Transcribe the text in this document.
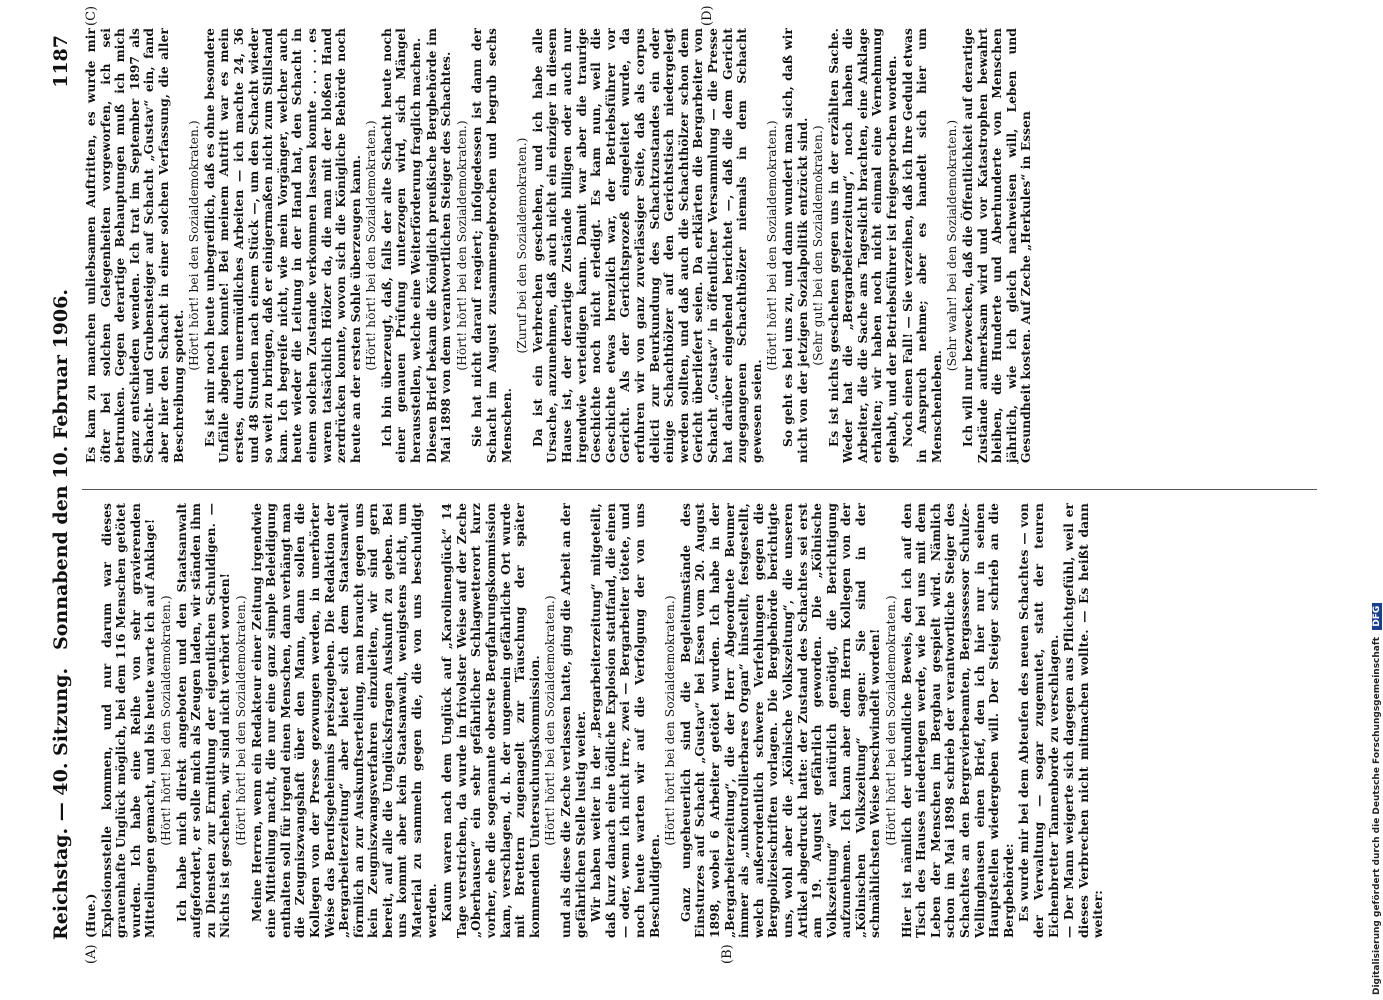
Reichstag. — 40. Sitzung.
Sonnabend den 10. Februar 1906.
1187
(A)	(B)
(C)	(D)

(Hue.) Explosionsstelle kommen, und nur darum war dieses grauenhafte Unglück möglich, bei dem 116 Menschen getötet wurden. Ich habe eine Reihe von sehr gravierenden Mitteilungen gemacht, und bis heute warte ich auf Anklage! (Hört! hört! bei den Sozialdemokraten.) Ich habe mich direkt angeboten und den Staatsanwalt aufgefordert, er solle mich als Zeugen laden, wir ständen ihm zu Diensten zur Ermittlung der eigentlichen Schuldigen. — Nichts ist geschehen, wir sind nicht verhört worden! (Hört! hört! bei den Sozialdemokraten.) Meine Herren, wenn ein Redakteur einer Zeitung irgendwie eine Mitteilung macht, die nur eine ganz simple Beleidigung enthalten soll für irgend einen Menschen, dann verhängt man die Zeugniszwangshaft über den Mann, dann sollen die Kollegen von der Presse gezwungen werden, in unerhörter Weise das Berufsgeheimnis preiszugeben. Die Redaktion der „Bergarbeiterzeitung“ aber bietet sich dem Staatsanwalt förmlich an zur Auskunftserteilung, man braucht gegen uns kein Zeugniszwangsverfahren einzuleiten, wir sind gern bereit, auf alle die Unglücksfragen Auskunft zu geben. Bei uns kommt aber kein Staatsanwalt, wenigstens nicht, um Material zu sammeln gegen die, die von uns beschuldigt werden. Kaum waren nach dem Unglück auf „Karolinenglück“ 14 Tage verstrichen, da wurde in frivolster Weise auf der Zeche „Oberhausen“ ein sehr gefährlicher Schlagwetterort kurz vorher, ehe die sogenannte oberste Bergfahrungskommission kam, verschlagen, d. h. der ungemein gefährliche Ort wurde mit Brettern zugenagelt zur Täuschung der später kommenden Untersuchungskommission. (Hört! hört! bei den Sozialdemokraten.) und als diese die Zeche verlassen hatte, ging die Arbeit an der gefährlichen Stelle lustig weiter. Wir haben weiter in der „Bergarbeiterzeitung“ mitgeteilt, daß kurz danach eine tödliche Explosion stattfand, die einen — oder, wenn ich nicht irre, zwei — Bergarbeiter tötete, und noch heute warten wir auf die Verfolgung der von uns Beschuldigten.

(Hört! hört! bei den Sozialdemokraten.) Ganz ungeheuerlich sind die Begleitumstände des Einsturzes auf Schacht „Gustav“ bei Essen vom 20. August 1898, wobei 6 Arbeiter getötet wurden. Ich habe in der „Bergarbeiterzeitung“, die der Herr Abgeordnete Beumer immer als „unkontrollierbares Organ“ hinstellt, festgestellt, welch außerordentlich schwere Verfehlungen gegen die Bergpolizeischriften vorlagen. Die Bergbehörde berichtigte uns, wohl aber die „Kölnische Volkszeitung“, die unseren Artikel abgedruckt hatte: der Zustand des Schachtes sei erst am 19. August gefährlich geworden. Die „Kölnische Volkszeitung“ war natürlich genötigt, die Berichtigung aufzunehmen. Ich kann aber dem Herrn Kollegen von der „Kölnischen Volkszeitung“ sagen: Sie sind in der schmählichsten Weise beschwindelt worden! (Hört! hört! bei den Sozialdemokraten.) Hier ist nämlich der urkundliche Beweis, den ich auf den Tisch des Hauses niederlegen werde, wie bei uns mit dem Leben der Menschen im Bergbau gespielt wird. Nämlich schon im Mai 1898 schrieb der verantwortliche Steiger des Schachtes an den Bergrevierbeamten, Bergassessor Schulze-Vellinghausen einen Brief, den ich hier nur in seinen Hauptstellen wiedergeben will. Der Steiger schrieb an die Bergbehörde: Es wurde mir bei dem Abteufen des neuen Schachtes — von der Verwaltung — sogar zugemutet, statt der teuren Eichenbretter Tannenborde zu verschlagen. — Der Mann weigerte sich dagegen aus Pflichtgefühl, weil er dieses Verbrechen nicht mitmachen wollte. — Es heißt dann weiter:

Es kam zu manchen unliebsamen Auftritten, es wurde mir öfter bei solchen Gelegenheiten vorgeworfen, ich sei betrunken. Gegen derartige Behauptungen muß ich mich ganz entschieden wenden. Ich trat im September 1897 als Schacht- und Grubensteiger auf Schacht „Gustav“ ein, fand aber hier den Schacht in einer solchen Verfassung, die aller Beschreibung spottet.

(Hört! hört! bei den Sozialdemokraten.) Es ist mir noch heute unbegreiflich, daß es ohne besondere Unfälle abgehen konnte! Bei meinem Antritt war es mein erstes, durch unermüdliches Arbeiten — ich machte 24, 36 und 48 Stunden nach einem Stück —, um den Schacht wieder so weit zu bringen, daß er einigermaßen nicht zum Stillstand kam. Ich begreife nicht, wie mein Vorgänger, welcher auch heute wieder die Leitung in der Hand hat, den Schacht in einem solchen Zustande verkommen lassen konnte . . . . . es waren tatsächlich Hölzer da, die man mit der bloßen Hand zerdrücken konnte, wovon sich die Königliche Behörde noch heute an der ersten Sohle überzeugen kann. (Hört! hört! bei den Sozialdemokraten.) Ich bin überzeugt, daß, falls der alte Schacht heute noch einer genauen Prüfung unterzogen wird, sich Mängel herausstellen, welche eine Weiterförderung fraglich machen. Diesen Brief bekam die Königlich preußische Bergbehörde im Mai 1898 von dem verantwortlichen Steiger des Schachtes. (Hört! hört! bei den Sozialdemokraten.) Sie hat nicht darauf reagiert; infolgedessen ist dann der Schacht im August zusammengebrochen und begrub sechs Menschen.

(Zuruf bei den Sozialdemokraten.) Da ist ein Verbrechen geschehen, und ich habe alle Ursache, anzunehmen, daß auch nicht ein einziger in diesem Hause ist, der derartige Zustände billigen oder auch nur irgendwie verteidigen kann. Damit war aber die traurige Geschichte noch nicht erledigt. Es kam nun, weil die Geschichte etwas brenzlich war, der Betriebsführer vor Gericht. Als der Gerichtsprozeß eingeleitet wurde, da erfuhren wir von ganz zuverlässiger Seite, daß als corpus delicti zur Beurkundung des Schachtzustandes ein oder einige Schachthölzer auf den Gerichtstisch niedergelegt werden sollten, und daß auch die Schachthölzer schon dem Gericht überliefert seien. Da erklärten die Bergarbeiter von Schacht „Gustav“ in öffentlicher Versammlung — die Presse hat darüber eingehend berichtet —, daß die dem Gericht zugegangenen Schachthölzer niemals in dem Schacht gewesen seien.

(Hört! hört! bei den Sozialdemokraten.) So geht es bei uns zu, und dann wundert man sich, daß wir nicht von der jetzigen Sozialpolitik entzückt sind. (Sehr gut! bei den Sozialdemokraten.) Es ist nichts geschehen gegen uns in der erzählten Sache. Weder hat die „Bergarbeiterzeitung“, noch haben die Arbeiter, die die Sache ans Tageslicht brachten, eine Anklage erhalten; wir haben noch nicht einmal eine Vernehmung gehabt, und der Betriebsführer ist freigesprochen worden. Noch einen Fall! — Sie verzeihen, daß ich Ihre Geduld etwas in Anspruch nehme; aber es handelt sich hier um Menschenleben.

(Sehr wahr! bei den Sozialdemokraten.) Ich will nur bezwecken, daß die Öffentlichkeit auf derartige Zustände aufmerksam wird und vor Katastrophen bewahrt bleiben, die Hunderte und Aberhunderte von Menschen jährlich, wie ich gleich nachweisen will, Leben und Gesundheit kosten. Auf Zeche „Herkules“ in Essen

Digitalisierung gefördert durch die Deutsche Forschungsgemeinschaft DFG
